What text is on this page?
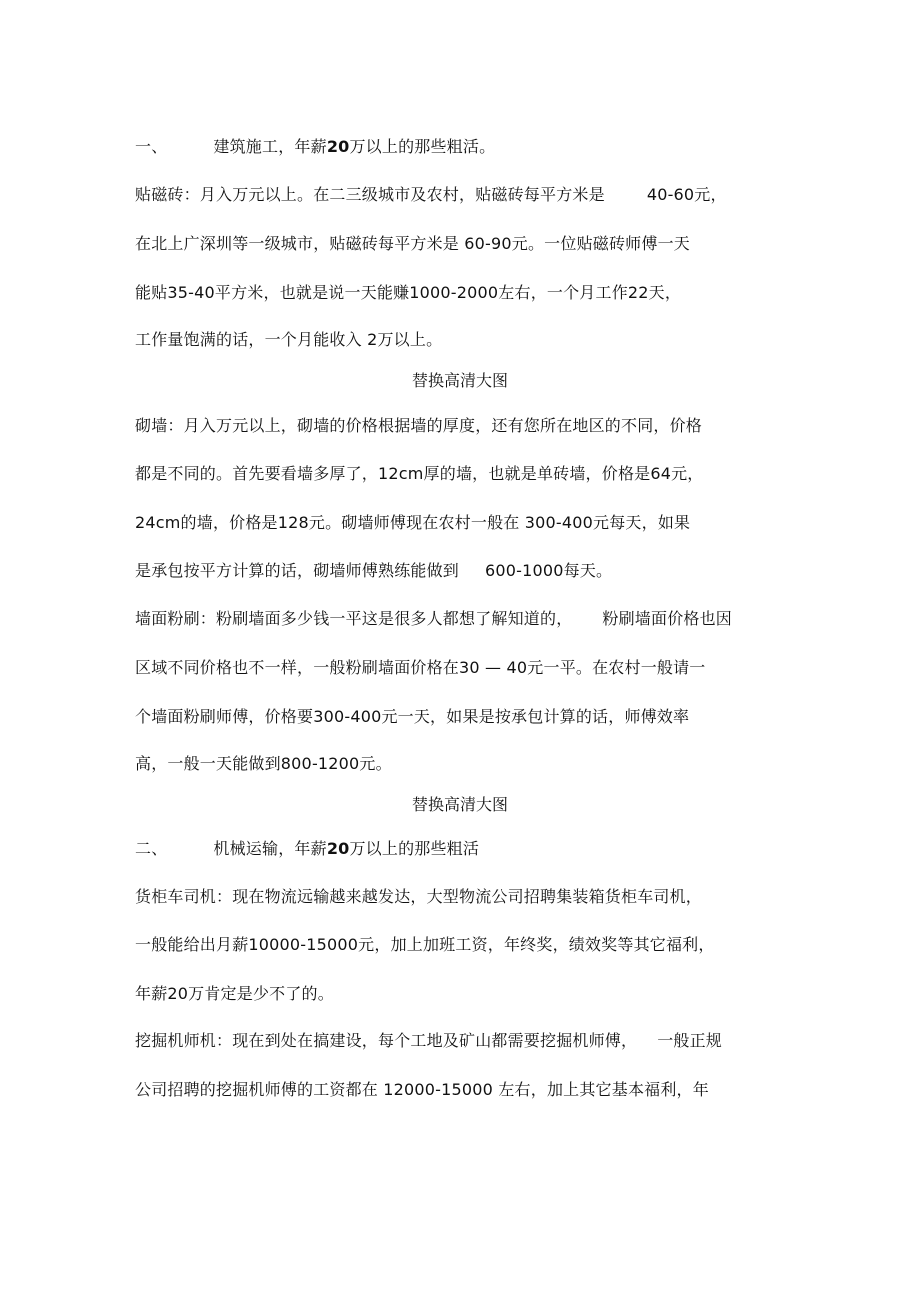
一、	建筑施工，年薪20万以上的那些粗活。
贴磁砖：月入万元以上。在二三级城市及农村，贴磁砖每平方米是	40-60元，
在北上广深圳等一级城市，贴磁砖每平方米是 60-90元。一位贴磁砖师傅一天
能贴35-40平方米，也就是说一天能赚1000-2000左右，一个月工作22天，
工作量饱满的话，一个月能收入 2万以上。
替换高清大图
砌墙：月入万元以上，砌墙的价格根据墙的厚度，还有您所在地区的不同，价格
都是不同的。首先要看墙多厚了，12cm厚的墙，也就是单砖墙，价格是64元，
24cm的墙，价格是128元。砌墙师傅现在农村一般在 300-400元每天，如果
是承包按平方计算的话，砌墙师傅熟练能做到 600-1000每天。
墙面粉刷：粉刷墙面多少钱一平这是很多人都想了解知道的， 粉刷墙面价格也因
区域不同价格也不一样，一般粉刷墙面价格在30 — 40元一平。在农村一般请一
个墙面粉刷师傅，价格要300-400元一天，如果是按承包计算的话，师傅效率
高，一般一天能做到800-1200元。
替换高清大图
二、	机械运输，年薪20万以上的那些粗活
货柜车司机：现在物流远输越来越发达，大型物流公司招聘集装箱货柜车司机，
一般能给出月薪10000-15000元，加上加班工资，年终奖，绩效奖等其它福利，
年薪20万肯定是少不了的。
挖掘机师机：现在到处在搞建设，每个工地及矿山都需要挖掘机师傅， 一般正规
公司招聘的挖掘机师傅的工资都在 12000-15000 左右，加上其它基本福利，年
